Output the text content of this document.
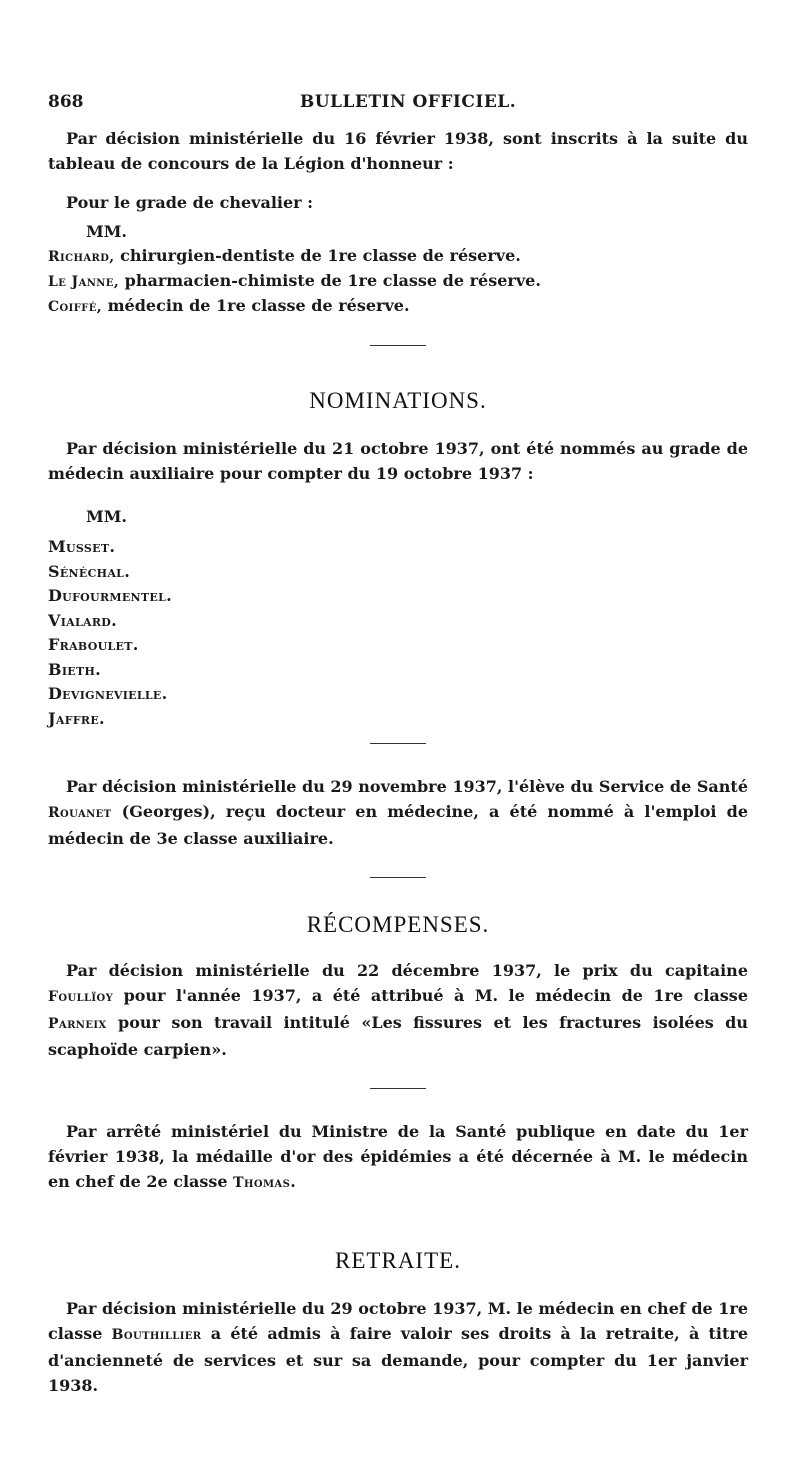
868	BULLETIN OFFICIEL.

Par décision ministérielle du 16 février 1938, sont inscrits à la suite du tableau de concours de la Légion d'honneur :

Pour le grade de chevalier :
MM.
Richard, chirurgien-dentiste de 1re classe de réserve.
Le Janne, pharmacien-chimiste de 1re classe de réserve.
Coiffé, médecin de 1re classe de réserve.
NOMINATIONS.

Par décision ministérielle du 21 octobre 1937, ont été nommés au grade de médecin auxiliaire pour compter du 19 octobre 1937 :

MM.
Musset.
Sénéchal.
Dufourmentel.
Vialard.
Fraboulet.
Bieth.
Devignevielle.
Jaffre.

Par décision ministérielle du 29 novembre 1937, l'élève du Service de Santé Rouanet (Georges), reçu docteur en médecine, a été nommé à l'emploi de médecin de 3e classe auxiliaire.

RÉCOMPENSES.

Par décision ministérielle du 22 décembre 1937, le prix du capitaine Foullïoy pour l'année 1937, a été attribué à M. le médecin de 1re classe Parneix pour son travail intitulé «Les fissures et les fractures isolées du scaphoïde carpien».

Par arrêté ministériel du Ministre de la Santé publique en date du 1er février 1938, la médaille d'or des épidémies a été décernée à M. le médecin en chef de 2e classe Thomas.

RETRAITE.

Par décision ministérielle du 29 octobre 1937, M. le médecin en chef de 1re classe Bouthillier a été admis à faire valoir ses droits à la retraite, à titre d'ancienneté de services et sur sa demande, pour compter du 1er janvier 1938.
